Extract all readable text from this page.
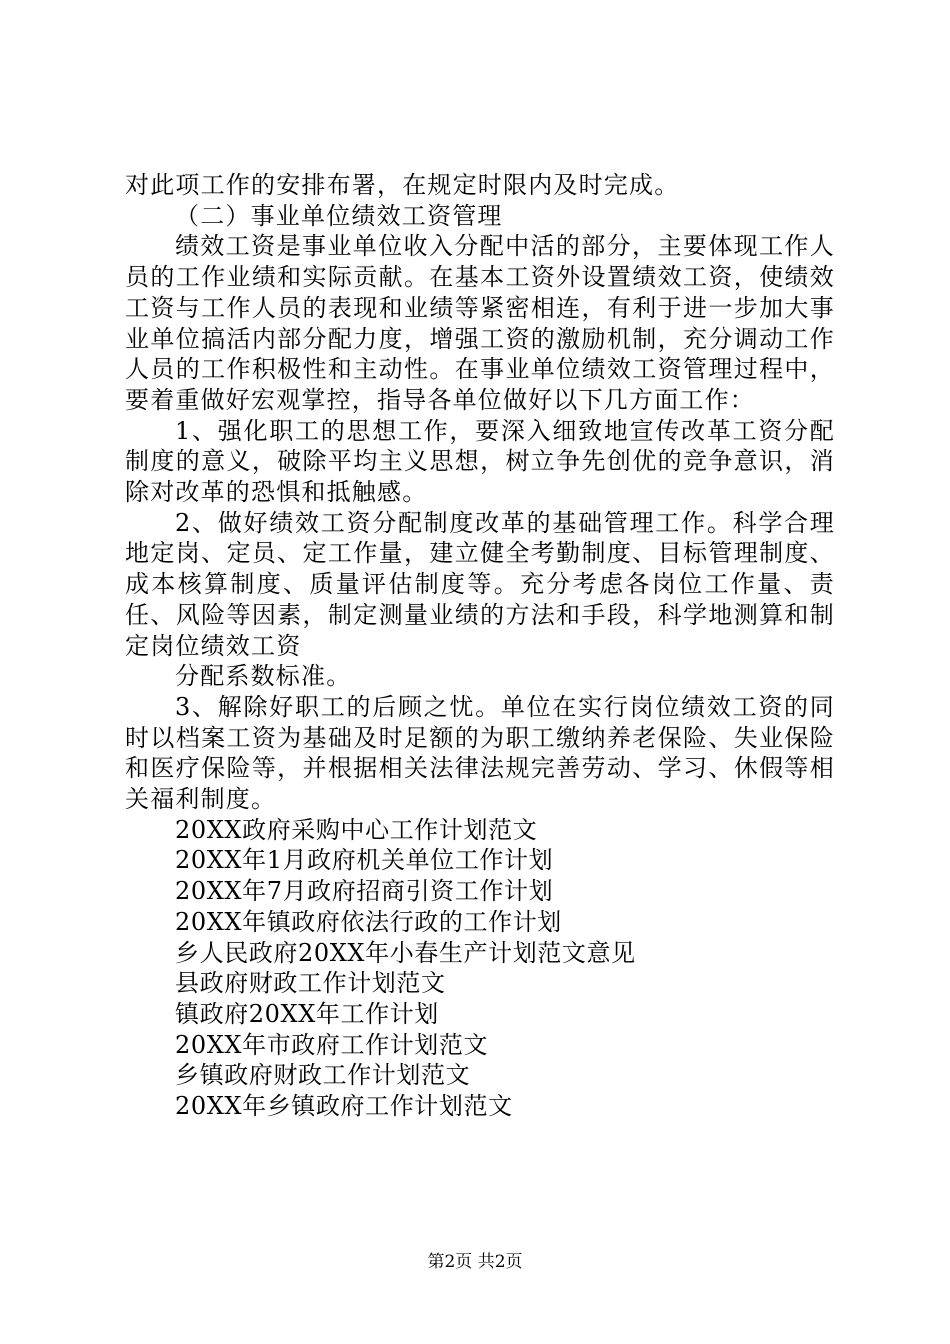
对此项工作的安排布署，在规定时限内及时完成。

（二）事业单位绩效工资管理

绩效工资是事业单位收入分配中活的部分，主要体现工作人员的工作业绩和实际贡献。在基本工资外设置绩效工资，使绩效工资与工作人员的表现和业绩等紧密相连，有利于进一步加大事业单位搞活内部分配力度，增强工资的激励机制，充分调动工作人员的工作积极性和主动性。在事业单位绩效工资管理过程中，要着重做好宏观掌控，指导各单位做好以下几方面工作：

1、强化职工的思想工作，要深入细致地宣传改革工资分配制度的意义，破除平均主义思想，树立争先创优的竞争意识，消除对改革的恐惧和抵触感。

2、做好绩效工资分配制度改革的基础管理工作。科学合理地定岗、定员、定工作量，建立健全考勤制度、目标管理制度、成本核算制度、质量评估制度等。充分考虑各岗位工作量、责任、风险等因素，制定测量业绩的方法和手段，科学地测算和制定岗位绩效工资

分配系数标准。

3、解除好职工的后顾之忧。单位在实行岗位绩效工资的同时以档案工资为基础及时足额的为职工缴纳养老保险、失业保险和医疗保险等，并根据相关法律法规完善劳动、学习、休假等相关福利制度。

20XX政府采购中心工作计划范文
20XX年1月政府机关单位工作计划
20XX年7月政府招商引资工作计划
20XX年镇政府依法行政的工作计划
乡人民政府20XX年小春生产计划范文意见
县政府财政工作计划范文
镇政府20XX年工作计划
20XX年市政府工作计划范文
乡镇政府财政工作计划范文
20XX年乡镇政府工作计划范文
第2页 共2页
